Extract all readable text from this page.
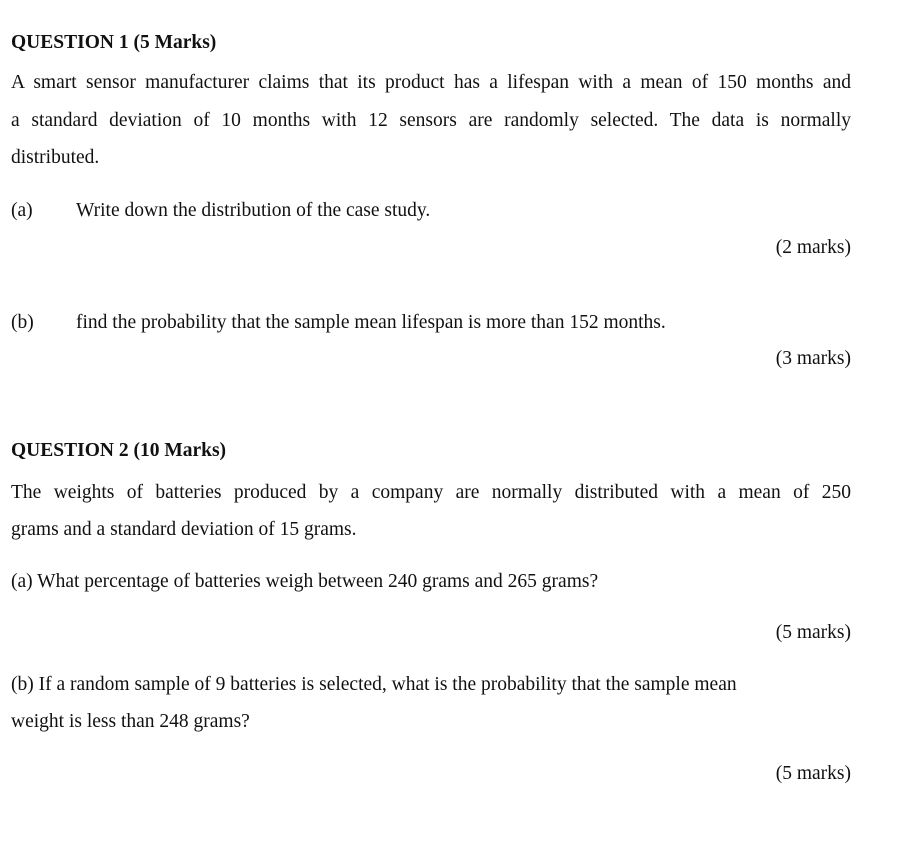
QUESTION 1 (5 Marks)
A smart sensor manufacturer claims that its product has a lifespan with a mean of 150 months and
a standard deviation of 10 months with 12 sensors are randomly selected. The data is normally
distributed.
(a) Write down the distribution of the case study.
(2 marks)
(b) find the probability that the sample mean lifespan is more than 152 months.
(3 marks)
QUESTION 2 (10 Marks)
The weights of batteries produced by a company are normally distributed with a mean of 250
grams and a standard deviation of 15 grams.
(a) What percentage of batteries weigh between 240 grams and 265 grams?
(5 marks)
(b) If a random sample of 9 batteries is selected, what is the probability that the sample mean
weight is less than 248 grams?
(5 marks)
